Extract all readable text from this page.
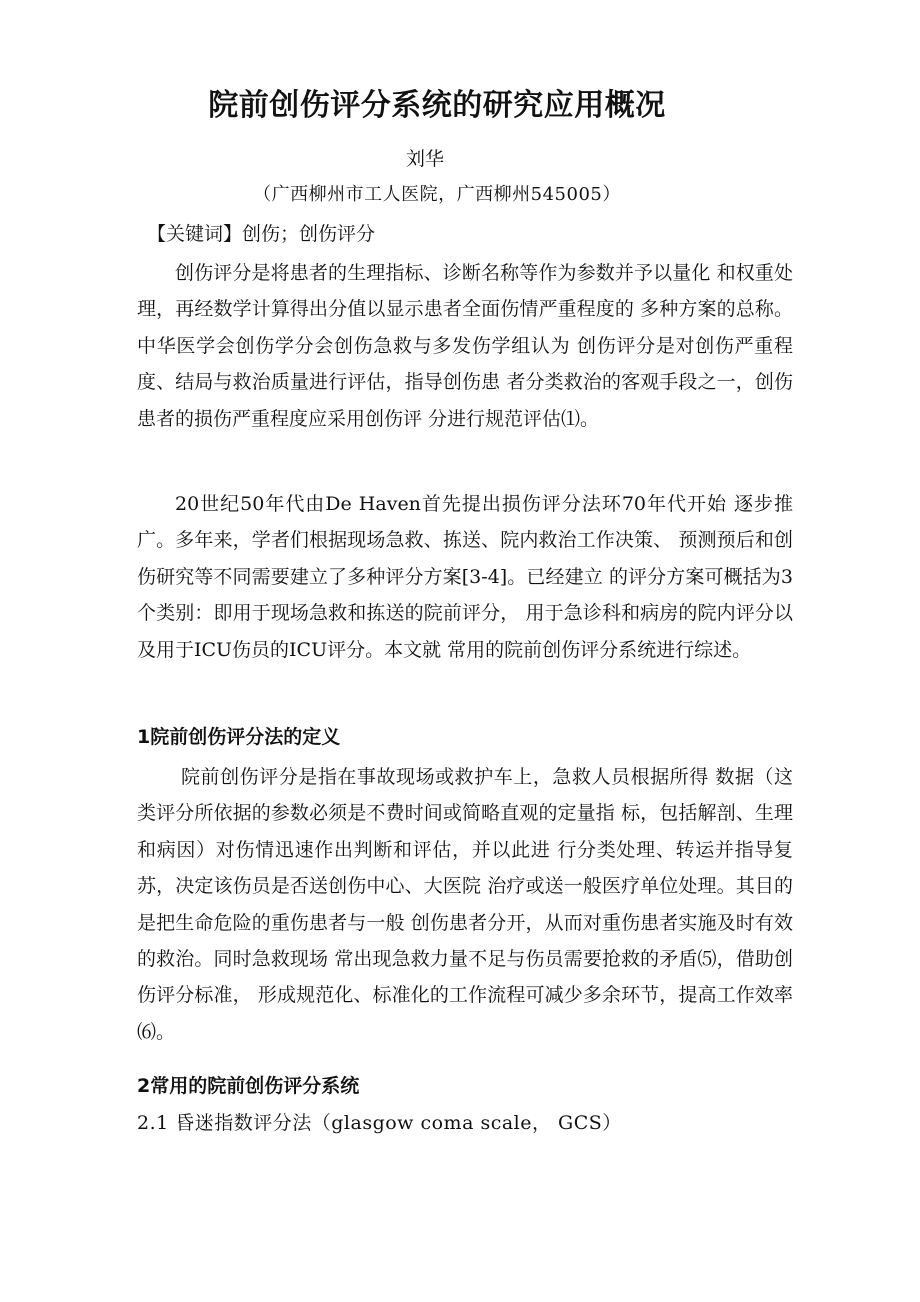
院前创伤评分系统的研究应用概况
刘华
（广西柳州市工人医院，广西柳州545005）
【关键词】创伤；创伤评分

创伤评分是将患者的生理指标、诊断名称等作为参数并予以量化 和权重处理，再经数学计算得出分值以显示患者全面伤情严重程度的 多种方案的总称。中华医学会创伤学分会创伤急救与多发伤学组认为 创伤评分是对创伤严重程度、结局与救治质量进行评估，指导创伤患 者分类救治的客观手段之一，创伤患者的损伤严重程度应采用创伤评 分进行规范评估⑴。

20世纪50年代由De Haven首先提出损伤评分法环70年代开始 逐步推广。多年来，学者们根据现场急救、拣送、院内救治工作决策、 预测预后和创伤研究等不同需要建立了多种评分方案[3-4]。已经建立 的评分方案可概括为3个类别：即用于现场急救和拣送的院前评分， 用于急诊科和病房的院内评分以及用于ICU伤员的ICU评分。本文就 常用的院前创伤评分系统进行综述。

1院前创伤评分法的定义

院前创伤评分是指在事故现场或救护车上，急救人员根据所得 数据（这类评分所依据的参数必须是不费时间或简略直观的定量指 标，包括解剖、生理和病因）对伤情迅速作出判断和评估，并以此进 行分类处理、转运并指导复苏，决定该伤员是否送创伤中心、大医院 治疗或送一般医疗单位处理。其目的是把生命危险的重伤患者与一般 创伤患者分开，从而对重伤患者实施及时有效的救治。同时急救现场 常出现急救力量不足与伤员需要抢救的矛盾⑸，借助创伤评分标准， 形成规范化、标准化的工作流程可减少多余环节，提高工作效率⑹。

2常用的院前创伤评分系统
2.1 昏迷指数评分法（glasgow coma scale， GCS）
